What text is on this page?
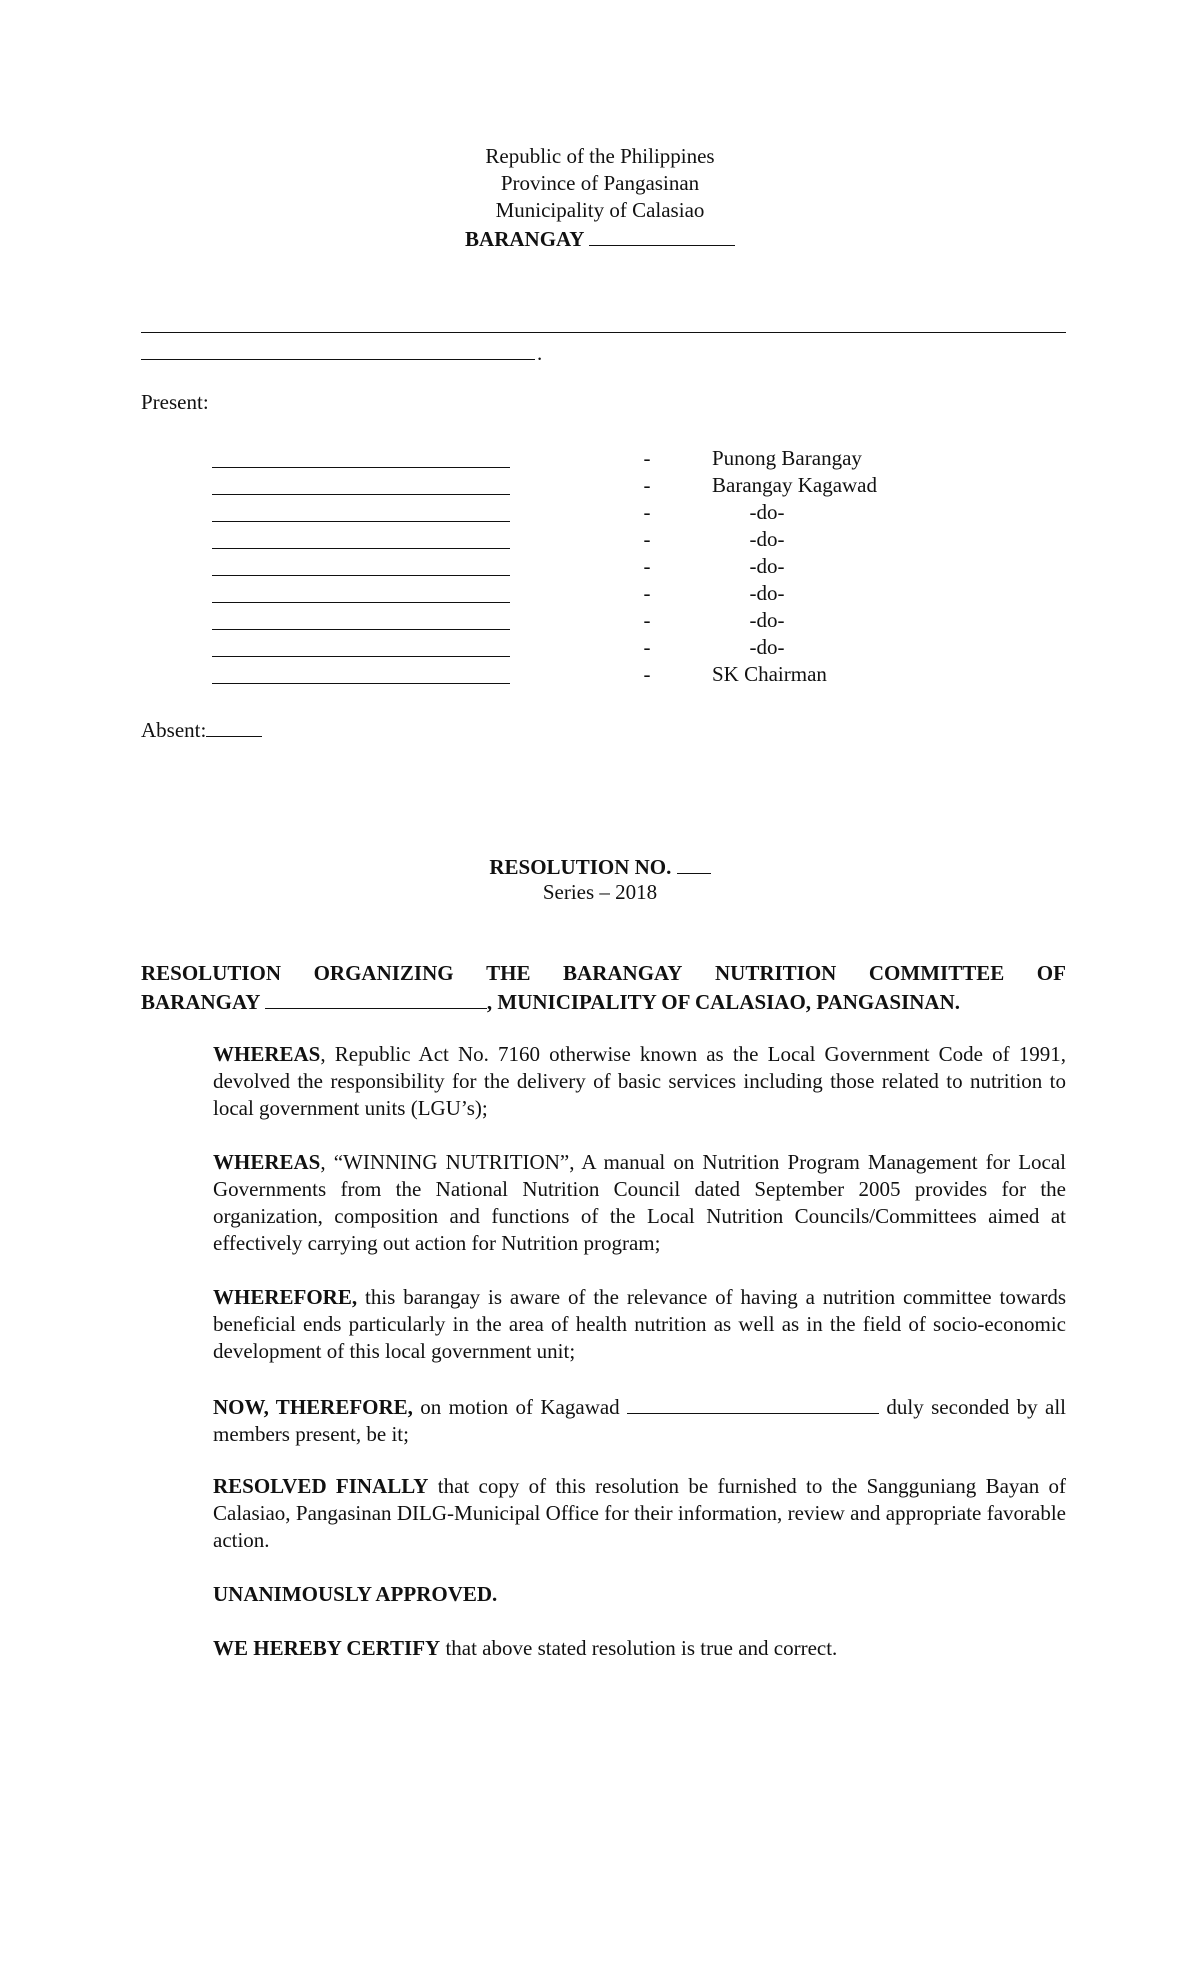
Republic of the Philippines
Province of Pangasinan
Municipality of Calasiao
BARANGAY
.
Present:
-	Punong Barangay
-	Barangay Kagawad
-	-do-
-	-do-
-	-do-
-	-do-
-	-do-
-	-do-
-	SK Chairman
Absent:
RESOLUTION NO.
Series – 2018
RESOLUTION ORGANIZING THE BARANGAY NUTRITION COMMITTEE OF
BARANGAY	, MUNICIPALITY OF CALASIAO, PANGASINAN.
WHEREAS, Republic Act No. 7160 otherwise known as the Local Government Code of 1991, devolved the responsibility for the delivery of basic services including those related to nutrition to local government units (LGU’s);
WHEREAS, “WINNING NUTRITION”, A manual on Nutrition Program Management for Local Governments from the National Nutrition Council dated September 2005 provides for the organization, composition and functions of the Local Nutrition Councils/Committees aimed at effectively carrying out action for Nutrition program;
WHEREFORE, this barangay is aware of the relevance of having a nutrition committee towards beneficial ends particularly in the area of health nutrition as well as in the field of socio-economic development of this local government unit;
NOW, THEREFORE, on motion of Kagawad	duly seconded by all members present, be it;
RESOLVED FINALLY that copy of this resolution be furnished to the Sangguniang Bayan of Calasiao, Pangasinan DILG-Municipal Office for their information, review and appropriate favorable action.
UNANIMOUSLY APPROVED.
WE HEREBY CERTIFY that above stated resolution is true and correct.
